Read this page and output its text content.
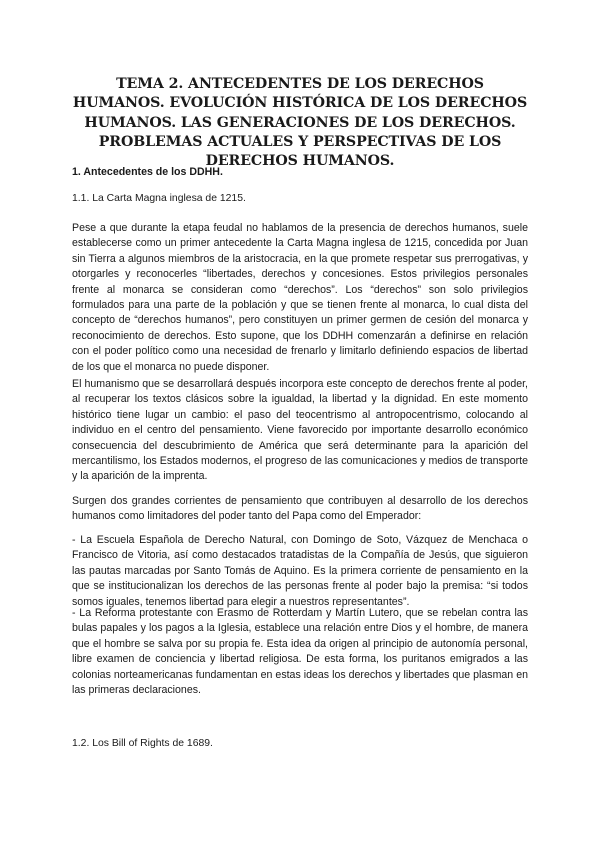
TEMA 2. ANTECEDENTES DE LOS DERECHOS HUMANOS. EVOLUCIÓN HISTÓRICA DE LOS DERECHOS HUMANOS. LAS GENERACIONES DE LOS DERECHOS. PROBLEMAS ACTUALES Y PERSPECTIVAS DE LOS DERECHOS HUMANOS.
1. Antecedentes de los DDHH.

1.1. La Carta Magna inglesa de 1215.

Pese a que durante la etapa feudal no hablamos de la presencia de derechos humanos, suele establecerse como un primer antecedente la Carta Magna inglesa de 1215, concedida por Juan sin Tierra a algunos miembros de la aristocracia, en la que promete respetar sus prerrogativas, y otorgarles y reconocerles “libertades, derechos y concesiones. Estos privilegios personales frente al monarca se consideran como “derechos”. Los “derechos” son solo privilegios formulados para una parte de la población y que se tienen frente al monarca, lo cual dista del concepto de “derechos humanos”, pero constituyen un primer germen de cesión del monarca y reconocimiento de derechos. Esto supone, que los DDHH comenzarán a definirse en relación con el poder político como una necesidad de frenarlo y limitarlo definiendo espacios de libertad de los que el monarca no puede disponer.

El humanismo que se desarrollará después incorpora este concepto de derechos frente al poder, al recuperar los textos clásicos sobre la igualdad, la libertad y la dignidad. En este momento histórico tiene lugar un cambio: el paso del teocentrismo al antropocentrismo, colocando al individuo en el centro del pensamiento. Viene favorecido por importante desarrollo económico consecuencia del descubrimiento de América que será determinante para la aparición del mercantilismo, los Estados modernos, el progreso de las comunicaciones y medios de transporte y la aparición de la imprenta.

Surgen dos grandes corrientes de pensamiento que contribuyen al desarrollo de los derechos humanos como limitadores del poder tanto del Papa como del Emperador:

- La Escuela Española de Derecho Natural, con Domingo de Soto, Vázquez de Menchaca o Francisco de Vitoria, así como destacados tratadistas de la Compañía de Jesús, que siguieron las pautas marcadas por Santo Tomás de Aquino. Es la primera corriente de pensamiento en la que se institucionalizan los derechos de las personas frente al poder bajo la premisa: “si todos somos iguales, tenemos libertad para elegir a nuestros representantes”.

- La Reforma protestante con Erasmo de Rotterdam y Martín Lutero, que se rebelan contra las bulas papales y los pagos a la Iglesia, establece una relación entre Dios y el hombre, de manera que el hombre se salva por su propia fe. Esta idea da origen al principio de autonomía personal, libre examen de conciencia y libertad religiosa. De esta forma, los puritanos emigrados a las colonias norteamericanas fundamentan en estas ideas los derechos y libertades que plasman en las primeras declaraciones.

1.2. Los Bill of Rights de 1689.
